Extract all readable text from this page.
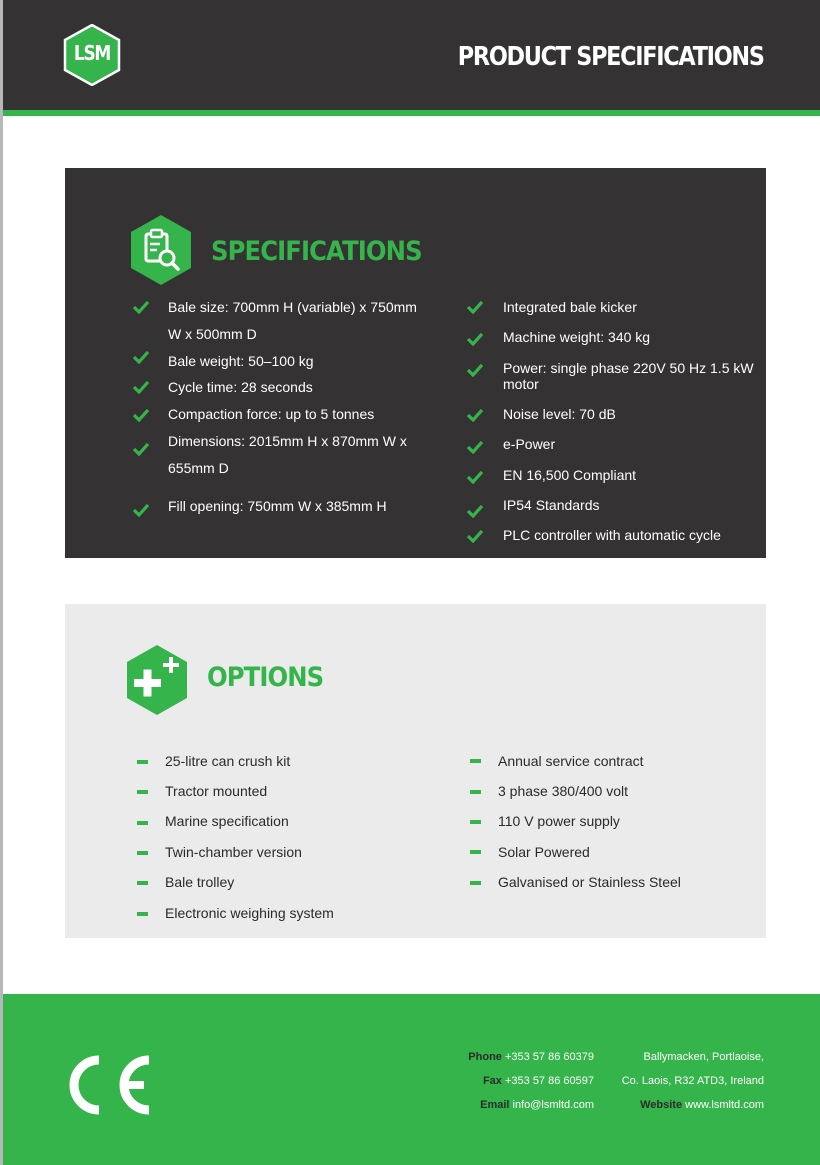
LSM	PRODUCT SPECIFICATIONS
SPECIFICATIONS
Bale size: 700mm H (variable) x 750mm
W x 500mm D
Bale weight: 50–100 kg
Cycle time: 28 seconds
Compaction force: up to 5 tonnes
Dimensions: 2015mm H x 870mm W x
655mm D
Fill opening: 750mm W x 385mm H
Integrated bale kicker
Machine weight: 340 kg
Power: single phase 220V 50 Hz 1.5 kW
motor
Noise level: 70 dB
e-Power
EN 16,500 Compliant
IP54 Standards
PLC controller with automatic cycle
OPTIONS
25-litre can crush kit
Tractor mounted
Marine specification
Twin-chamber version
Bale trolley
Electronic weighing system
Annual service contract
3 phase 380/400 volt
110 V power supply
Solar Powered
Galvanised or Stainless Steel
Phone +353 57 86 60379
Fax +353 57 86 60597
Email info@lsmltd.com
Ballymacken, Portlaoise,
Co. Laois, R32 ATD3, Ireland
Website www.lsmltd.com
